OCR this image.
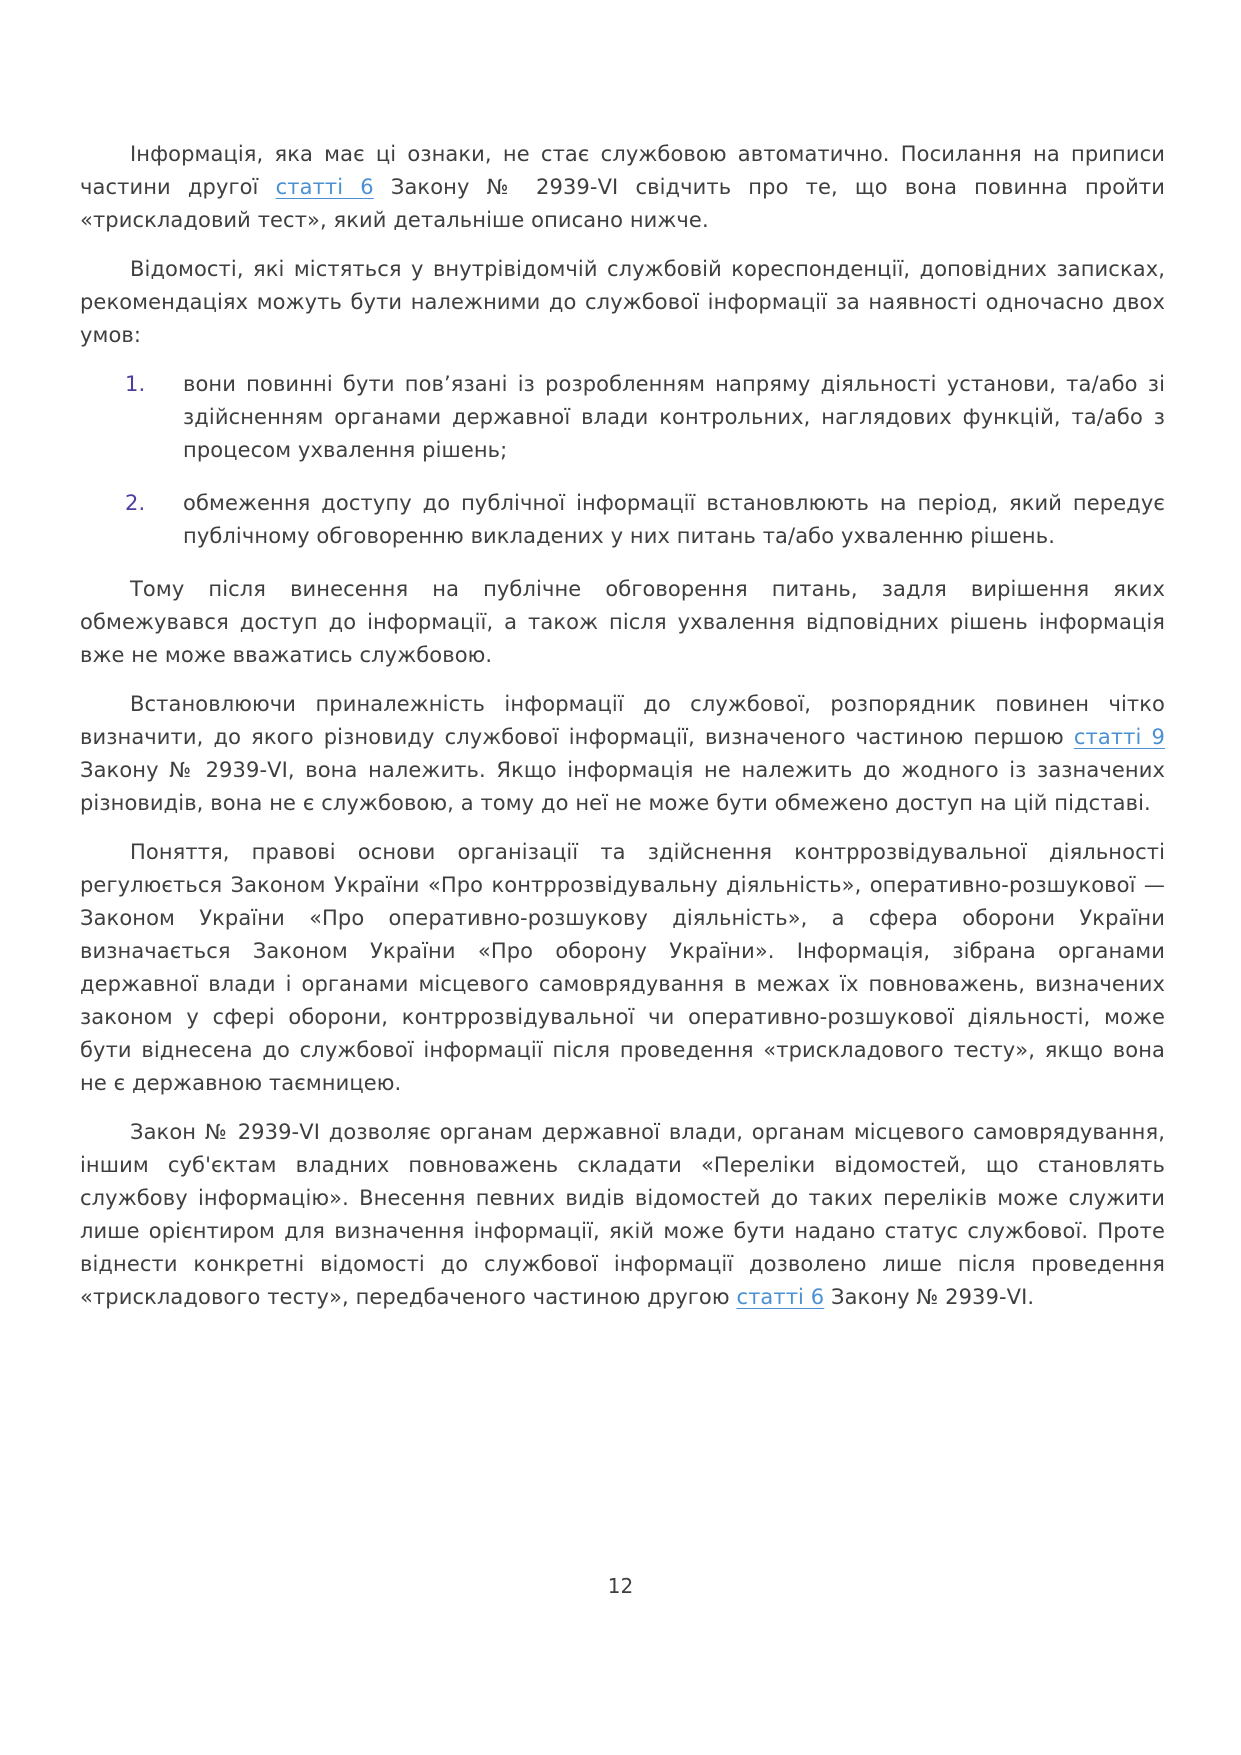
Інформація, яка має ці ознаки, не стає службовою автоматично. Посилання на приписи частини другої статті 6 Закону № 2939-VI свідчить про те, що вона повинна пройти «трискладовий тест», який детальніше описано нижче.

Відомості, які містяться у внутрівідомчій службовій кореспонденції, доповідних записках, рекомендаціях можуть бути належними до службової інформації за наявності одночасно двох умов:

1.	вони повинні бути пов’язані із розробленням напряму діяльності установи, та/або зі здійсненням органами державної влади контрольних, наглядових функцій, та/або з процесом ухвалення рішень;
2.	обмеження доступу до публічної інформації встановлюють на період, який передує публічному обговоренню викладених у них питань та/або ухваленню рішень.

Тому після винесення на публічне обговорення питань, задля вирішення яких обмежувався доступ до інформації, а також після ухвалення відповідних рішень інформація вже не може вважатись службовою.

Встановлюючи приналежність інформації до службової, розпорядник повинен чітко визначити, до якого різновиду службової інформації, визначеного частиною першою статті 9 Закону № 2939-VI, вона належить. Якщо інформація не належить до жодного із зазначених різновидів, вона не є службовою, а тому до неї не може бути обмежено доступ на цій підставі.

Поняття, правові основи організації та здійснення контррозвідувальної діяльності регулюється Законом України «Про контррозвідувальну діяльність», оперативно-розшукової — Законом України «Про оперативно-розшукову діяльність», а сфера оборони України визначається Законом України «Про оборону України». Інформація, зібрана органами державної влади і органами місцевого самоврядування в межах їх повноважень, визначених законом у сфері оборони, контррозвідувальної чи оперативно-розшукової діяльності, може бути віднесена до службової інформації після проведення «трискладового тесту», якщо вона не є державною таємницею.

Закон № 2939-VI дозволяє органам державної влади, органам місцевого самоврядування, іншим суб'єктам владних повноважень складати «Переліки відомостей, що становлять службову інформацію». Внесення певних видів відомостей до таких переліків може служити лише орієнтиром для визначення інформації, якій може бути надано статус службової. Проте віднести конкретні відомості до службової інформації дозволено лише після проведення «трискладового тесту», передбаченого частиною другою статті 6 Закону № 2939-VI.

12
